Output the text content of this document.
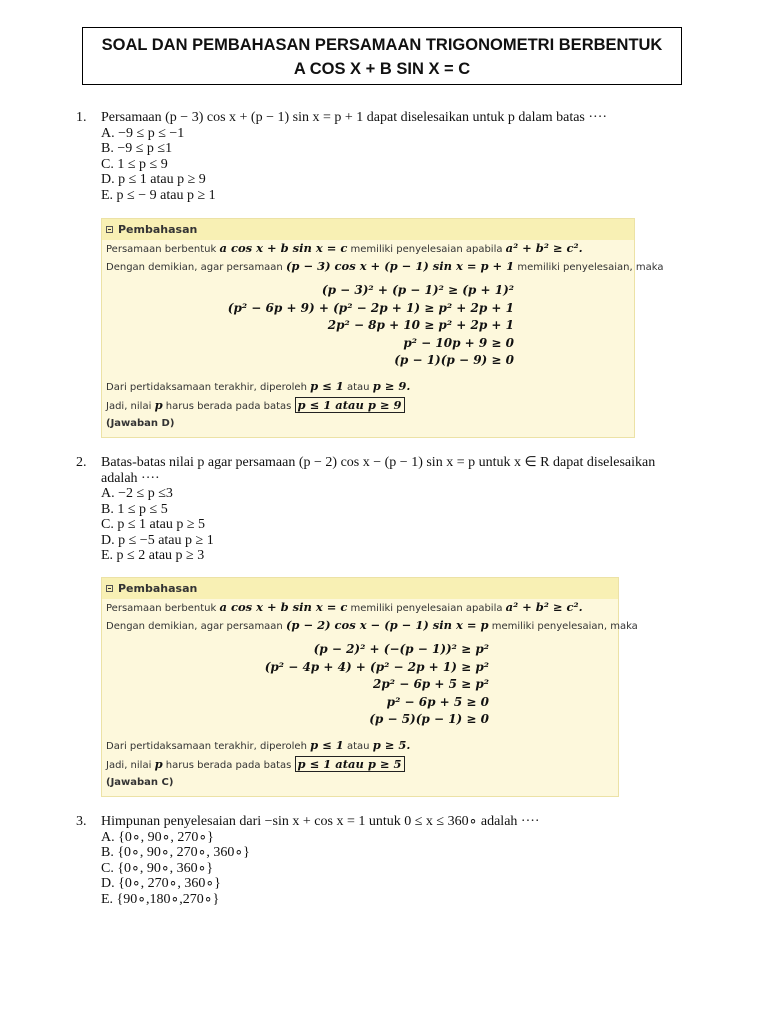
SOAL DAN PEMBAHASAN PERSAMAAN TRIGONOMETRI BERBENTUK
A COS X + B SIN X = C
1.	Persamaan (p − 3) cos x + (p − 1) sin x = p + 1 dapat diselesaikan untuk p dalam batas ····
A. −9 ≤ p ≤ −1
B. −9 ≤ p ≤1
C. 1 ≤ p ≤ 9
D. p ≤ 1 atau p ≥ 9
E. p ≤ − 9 atau p ≥ 1
Pembahasan
Persamaan berbentuk a cos x + b sin x = c memiliki penyelesaian apabila a² + b² ≥ c².
Dengan demikian, agar persamaan (p − 3) cos x + (p − 1) sin x = p + 1 memiliki penyelesaian, maka
(p − 3)² + (p − 1)² ≥ (p + 1)²
(p² − 6p + 9) + (p² − 2p + 1) ≥ p² + 2p + 1
2p² − 8p + 10 ≥ p² + 2p + 1
p² − 10p + 9 ≥ 0
(p − 1)(p − 9) ≥ 0
Dari pertidaksamaan terakhir, diperoleh p ≤ 1 atau p ≥ 9.
Jadi, nilai p harus berada pada batas p ≤ 1 atau p ≥ 9
(Jawaban D)
2.	Batas-batas nilai p agar persamaan (p − 2) cos x − (p − 1) sin x = p untuk x ∈ R dapat diselesaikan
adalah ····
A. −2 ≤ p ≤3
B. 1 ≤ p ≤ 5
C. p ≤ 1 atau p ≥ 5
D. p ≤ −5 atau p ≥ 1
E. p ≤ 2 atau p ≥ 3
Pembahasan
Persamaan berbentuk a cos x + b sin x = c memiliki penyelesaian apabila a² + b² ≥ c².
Dengan demikian, agar persamaan (p − 2) cos x − (p − 1) sin x = p memiliki penyelesaian, maka
(p − 2)² + (−(p − 1))² ≥ p²
(p² − 4p + 4) + (p² − 2p + 1) ≥ p²
2p² − 6p + 5 ≥ p²
p² − 6p + 5 ≥ 0
(p − 5)(p − 1) ≥ 0
Dari pertidaksamaan terakhir, diperoleh p ≤ 1 atau p ≥ 5.
Jadi, nilai p harus berada pada batas p ≤ 1 atau p ≥ 5
(Jawaban C)
3.	Himpunan penyelesaian dari −sin x + cos x = 1 untuk 0 ≤ x ≤ 360∘ adalah ····
A. {0∘, 90∘, 270∘}
B. {0∘, 90∘, 270∘, 360∘}
C. {0∘, 90∘, 360∘}
D. {0∘, 270∘, 360∘}
E. {90∘,180∘,270∘}
